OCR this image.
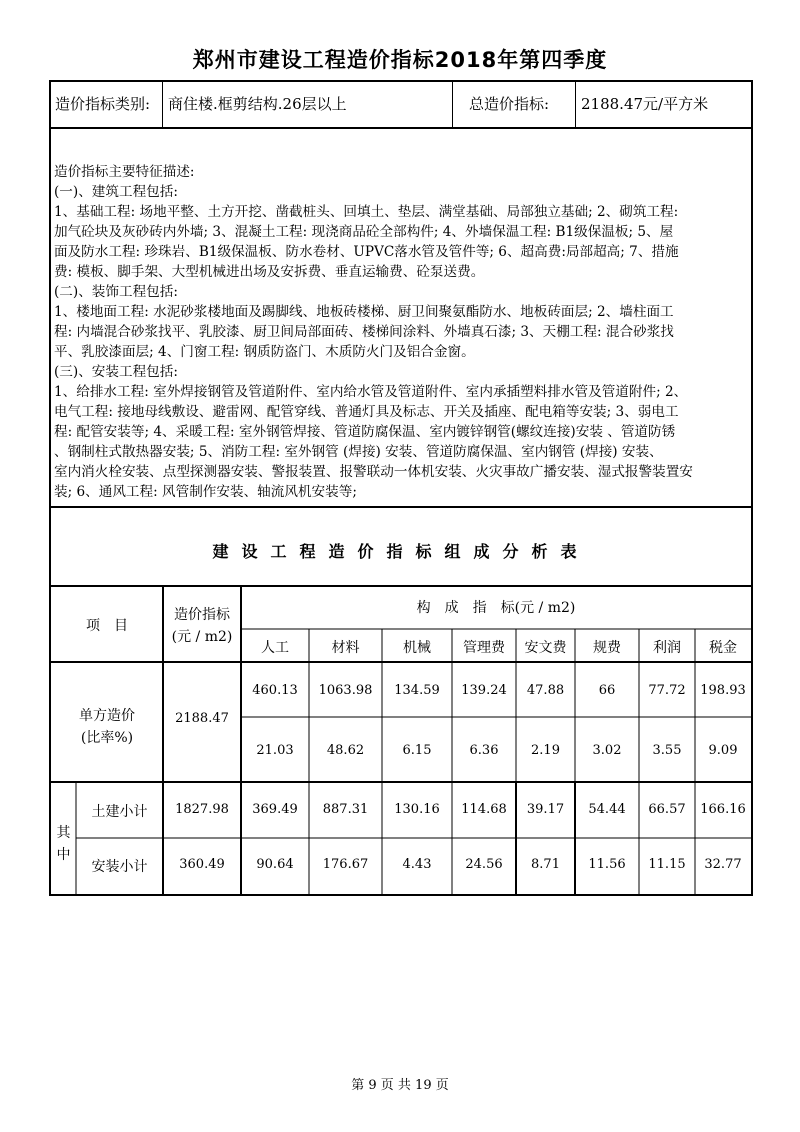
郑州市建设工程造价指标2018年第四季度
造价指标类别:	商住楼.框剪结构.26层以上	总造价指标:	2188.47元/平方米

造价指标主要特征描述:

(一)、建筑工程包括:

1、基础工程: 场地平整、土方开挖、凿截桩头、回填土、垫层、满堂基础、局部独立基础; 2、砌筑工程:

加气砼块及灰砂砖内外墙; 3、混凝土工程: 现浇商品砼全部构件; 4、外墙保温工程: B1级保温板; 5、屋

面及防水工程: 珍珠岩、B1级保温板、防水卷材、UPVC落水管及管件等; 6、超高费:局部超高; 7、措施

费: 模板、脚手架、大型机械进出场及安拆费、垂直运输费、砼泵送费。

(二)、装饰工程包括:

1、楼地面工程: 水泥砂浆楼地面及踢脚线、地板砖楼梯、厨卫间聚氨酯防水、地板砖面层; 2、墙柱面工

程: 内墙混合砂浆找平、乳胶漆、厨卫间局部面砖、楼梯间涂料、外墙真石漆; 3、天棚工程: 混合砂浆找

平、乳胶漆面层; 4、门窗工程: 钢质防盗门、木质防火门及铝合金窗。

(三)、安装工程包括:

1、给排水工程: 室外焊接钢管及管道附件、室内给水管及管道附件、室内承插塑料排水管及管道附件; 2、

电气工程: 接地母线敷设、避雷网、配管穿线、普通灯具及标志、开关及插座、配电箱等安装; 3、弱电工

程: 配管安装等; 4、采暖工程: 室外钢管焊接、管道防腐保温、室内镀锌钢管(螺纹连接)安装 、管道防锈

、钢制柱式散热器安装; 5、消防工程: 室外钢管 (焊接) 安装、管道防腐保温、室内钢管 (焊接) 安装、

室内消火栓安装、点型探测器安装、警报装置、报警联动一体机安装、火灾事故广播安装、湿式报警装置安

装; 6、通风工程: 风管制作安装、轴流风机安装等;

建设工程造价指标组成分析表
项　目
造价指标
(元 / m2)
构　成　指　标(元 / m2)
人工	材料	机械	管理费	安文费	规费	利润	税金
单方造价
(比率%)
2188.47
460.13	1063.98	134.59	139.24	47.88	66	77.72	198.93
21.03	48.62	6.15	6.36	2.19	3.02	3.55	9.09
其
中
土建小计	1827.98	369.49	887.31	130.16	114.68	39.17	54.44	66.57	166.16
安装小计	360.49	90.64	176.67	4.43	24.56	8.71	11.56	11.15	32.77
第 9 页 共 19 页
